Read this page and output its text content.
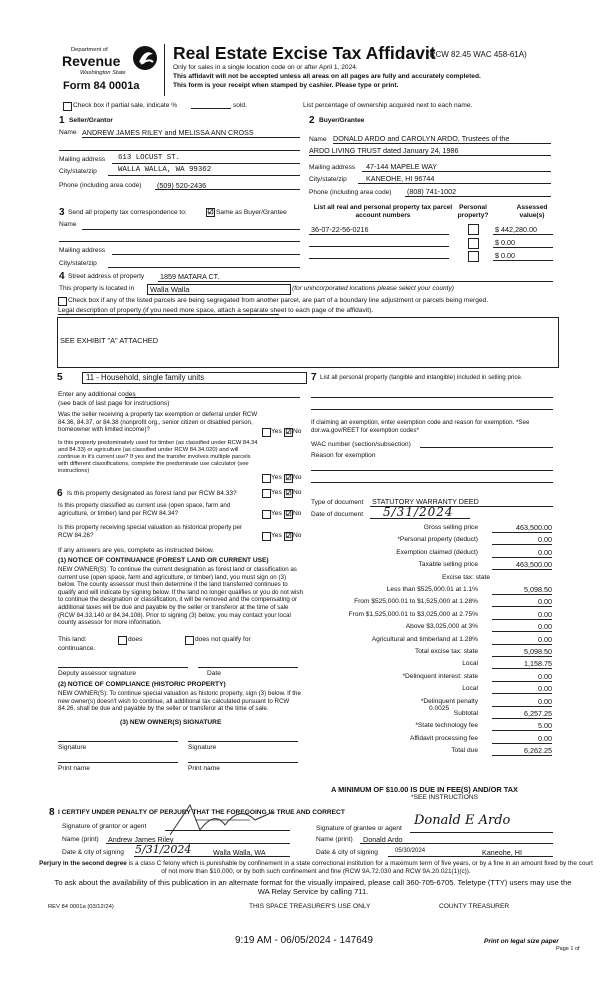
Department of
Revenue
Washington State
Form 84 0001a
Real Estate Excise Tax Affidavit
(RCW 82.45 WAC 458-61A)
Only for sales in a single location code on or after April 1, 2024.
This affidavit will not be accepted unless all areas on all pages are fully and accurately completed.
This form is your receipt when stamped by cashier. Please type or print.
Check box if partial sale, indicate %	sold.	List percentage of ownership acquired next to each name.
1 Seller/Grantor
Name ANDREW JAMES RILEY and MELISSA ANN CROSS
Mailing address 613 LOCUST ST.
City/state/zip	WALLA WALLA, WA 99362
Phone (including area code) (509) 520-2436
2 Buyer/Grantee
Name DONALD ARDO and CAROLYN ARDO, Trustees of the
ARDO LIVING TRUST dated January 24, 1986
Mailing address 47-144 MAPELE WAY
City/state/zip	KANEOHE, HI 96744
Phone (including area code) (808) 741-1002
3 Send all property tax correspondence to:	☑ Same as Buyer/Grantee
Name
Mailing address
City/state/zip
List all real and personal property tax parcel account numbers
Personal property?
Assessed value(s)
36-07-22-56-0216	$ 442,280.00
$ 0.00
$ 0.00
4 Street address of property 1859 MATARA CT.
This property is located in	Walla Walla	(for unincorporated locations please select your county)
Check box if any of the listed parcels are being segregated from another parcel, are part of a boundary line adjustment or parcels being merged.
Legal description of property (if you need more space, attach a separate sheet to each page of the affidavit).
SEE EXHIBIT "A" ATTACHED
5	11 - Household, single family units
Enter any additional codes
(see back of last page for instructions)
Was the seller receiving a property tax exemption or deferral under RCW 84.36, 84.37, or 84.38 (nonprofit org., senior citizen or disabled person, homeowner with limited income)?	Yes ☑ No
Is this property predominately used for timber (as classified under RCW 84.34 and 84.33) or agriculture (as classified under RCW 84.34.020) and will continue in it's current use? If yes and the transfer involves multiple parcels with different classifications, complete the predominate use calculator (see instructions)
Yes ☑ No
6 Is this property designated as forest land per RCW 84.33?	Yes ☑ No
Is this property classified as current use (open space, farm and agriculture, or timber) land per RCW 84.34?	Yes ☑ No
Is this property receiving special valuation as historical property per RCW 84.26?	Yes ☑ No
If any answers are yes, complete as instructed below.
(1) NOTICE OF CONTINUANCE (FOREST LAND OR CURRENT USE)
NEW OWNER(S): To continue the current designation as forest land or classification as current use (open space, farm and agriculture, or timber) land, you must sign on (3) below. The county assessor must then determine if the land transferred continues to qualify and will indicate by signing below. If the land no longer qualifies or you do not wish to continue the designation or classification, it will be removed and the compensating or additional taxes will be due and payable by the seller or transferor at the time of sale (RCW 84.33.140 or 84.34.108). Prior to signing (3) below, you may contact your local county assessor for more information.
This land:	does	does not qualify for
continuance.
Deputy assessor signature	Date
(2) NOTICE OF COMPLIANCE (HISTORIC PROPERTY)
NEW OWNER(S): To continue special valuation as historic property, sign (3) below. If the new owner(s) doesn't wish to continue, all additional tax calculated pursuant to RCW 84.26, shall be due and payable by the seller or transferor at the time of sale.
(3) NEW OWNER(S) SIGNATURE
Signature	Signature
Print name	Print name
7 List all personal property (tangible and intangible) included in selling price.
If claiming an exemption, enter exemption code and reason for exemption. *See dor.wa.gov/REET for exemption codes*
WAC number (section/subsection)
Reason for exemption
Type of document STATUTORY WARRANTY DEED
Date of document 5/31/2024
Gross selling price	463,500.00
*Personal property (deduct)	0.00
Exemption claimed (deduct)	0.00
Taxable selling price	463,500.00
Excise tax: state
Less than $525,000.01 at 1.1%	5,098.50
From $525,000.01 to $1,525,000 at 1.28%	0.00
From $1,525,000.01 to $3,025,000 at 2.75%	0.00
Above $3,025,000 at 3%	0.00
Agricultural and timberland at 1.28%	0.00
Total excise tax: state	5,098.50
Local	1,158.75
*Delinquent interest: state	0.00
Local	0.00
*Delinquent penalty	0.00
Subtotal	6,257.25
*State technology fee	5.00
Affidavit processing fee	0.00
Total due	6,262.25
0.0025
A MINIMUM OF $10.00 IS DUE IN FEE(S) AND/OR TAX
*SEE INSTRUCTIONS
8 I CERTIFY UNDER PENALTY OF PERJURY THAT THE FOREGOING IS TRUE AND CORRECT
Signature of grantor or agent
Name (print) Andrew James Riley
Date & city of signing 5/31/2024	Walla Walla, WA
Signature of grantee or agent
Donald E Ardo
Name (print) Donald Ardo
Date & city of signing	05/30/2024	Kaneohe, HI
Perjury in the second degree is a class C felony which is punishable by confinement in a state correctional institution for a maximum term of five years, or by a fine in an amount fixed by the court of not more than $10,000, or by both such confinement and fine (RCW 9A.72.030 and RCW 9A.20.021(1)(c)).
To ask about the availability of this publication in an alternate format for the visually impaired, please call 360-705-6705. Teletype (TTY) users may use the WA Relay Service by calling 711.
REV 84 0001a (03/12/24)	THIS SPACE TREASURER'S USE ONLY	COUNTY TREASURER
9:19 AM - 06/05/2024 - 147649	Print on legal size paper
Page 1 of
